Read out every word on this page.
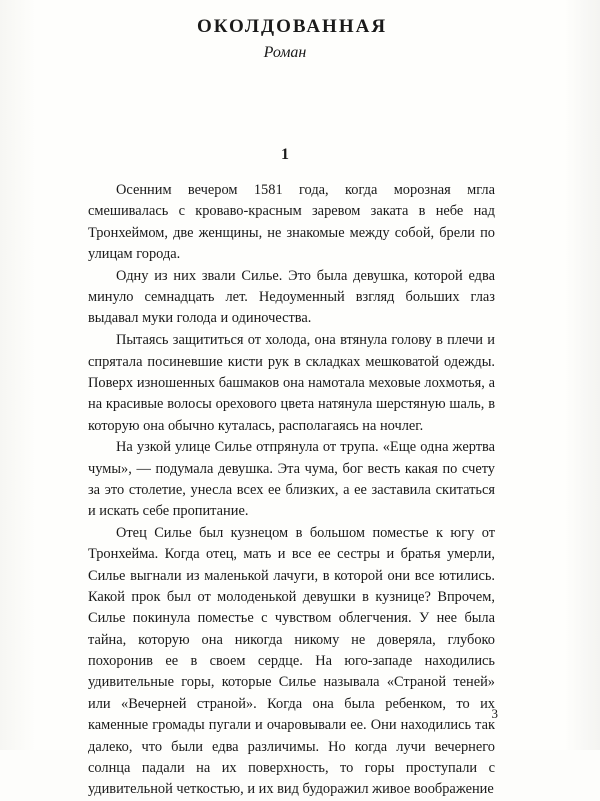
ОКОЛДОВАННАЯ
Роман
1

Осенним вечером 1581 года, когда морозная мгла смешивалась с кроваво-красным заревом заката в небе над Тронхеймом, две женщины, не знакомые между собой, брели по улицам города.

Одну из них звали Силье. Это была девушка, которой едва минуло семнадцать лет. Недоуменный взгляд больших глаз выдавал муки голода и одиночества.

Пытаясь защититься от холода, она втянула голову в плечи и спрятала посиневшие кисти рук в складках мешковатой одежды. Поверх изношенных башмаков она намотала меховые лохмотья, а на красивые волосы орехового цвета натянула шерстяную шаль, в которую она обычно куталась, располагаясь на ночлег.

На узкой улице Силье отпрянула от трупа. «Еще одна жертва чумы», — подумала девушка. Эта чума, бог весть какая по счету за это столетие, унесла всех ее близких, а ее заставила скитаться и искать себе пропитание.

Отец Силье был кузнецом в большом поместье к югу от Тронхейма. Когда отец, мать и все ее сестры и братья умерли, Силье выгнали из маленькой лачуги, в которой они все ютились. Какой прок был от молоденькой девушки в кузнице? Впрочем, Силье покинула поместье с чувством облегчения. У нее была тайна, которую она никогда никому не доверяла, глубоко похоронив ее в своем сердце. На юго-западе находились удивительные горы, которые Силье называла «Страной теней» или «Вечерней страной». Когда она была ребенком, то их каменные громады пугали и очаровывали ее. Они находились так далеко, что были едва различимы. Но когда лучи вечернего солнца падали на их поверхность, то горы проступали с удивительной четкостью, и их вид будоражил живое воображение

3
